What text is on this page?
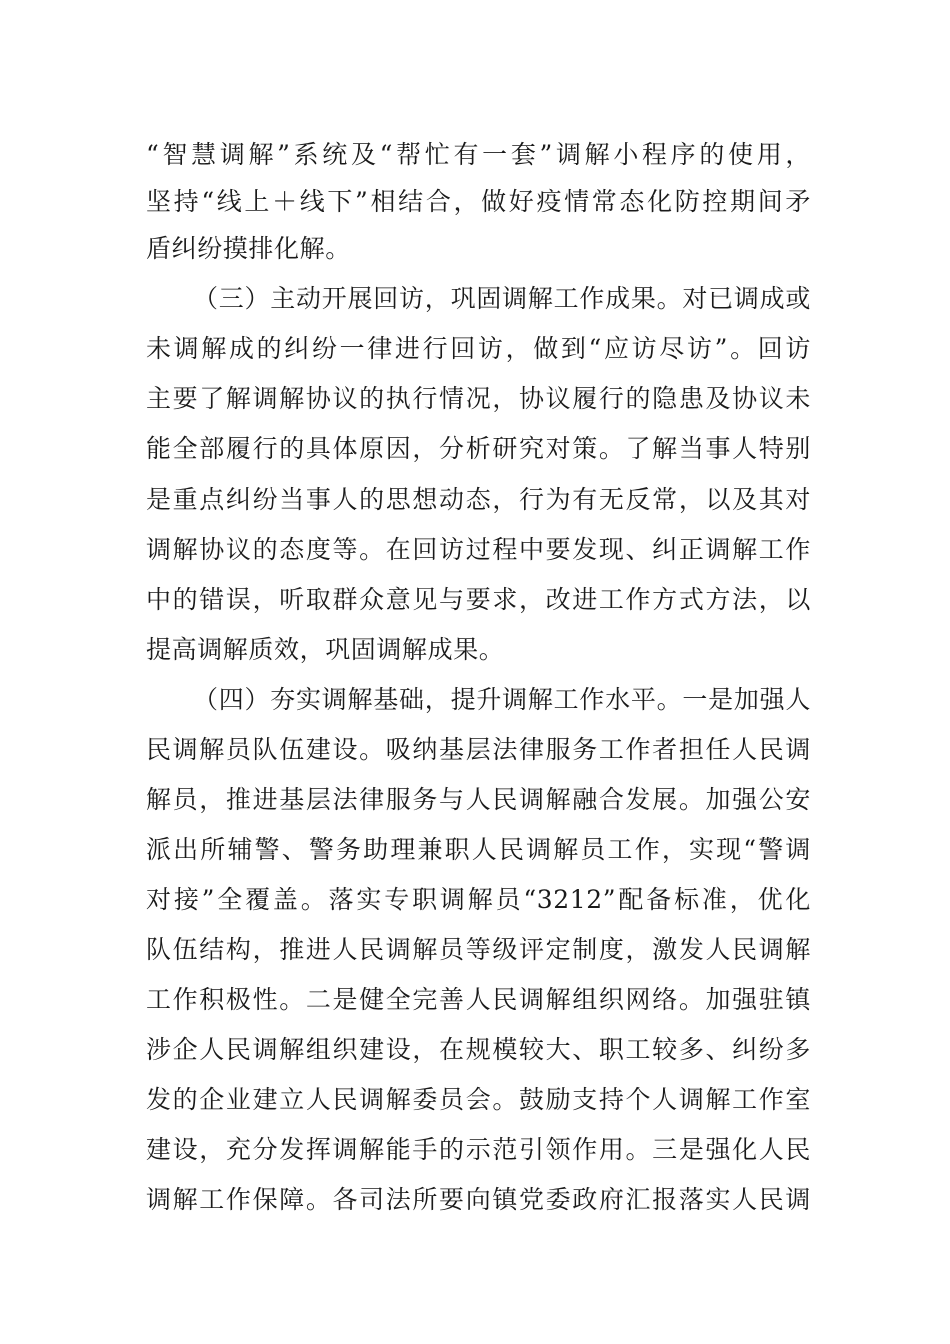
“智慧调解”系统及“帮忙有一套”调解小程序的使用，
坚持“线上＋线下”相结合，做好疫情常态化防控期间矛
盾纠纷摸排化解。
（三）主动开展回访，巩固调解工作成果。对已调成或
未调解成的纠纷一律进行回访，做到“应访尽访”。回访
主要了解调解协议的执行情况，协议履行的隐患及协议未
能全部履行的具体原因，分析研究对策。了解当事人特别
是重点纠纷当事人的思想动态，行为有无反常，以及其对
调解协议的态度等。在回访过程中要发现、纠正调解工作
中的错误，听取群众意见与要求，改进工作方式方法，以
提高调解质效，巩固调解成果。
（四）夯实调解基础，提升调解工作水平。一是加强人
民调解员队伍建设。吸纳基层法律服务工作者担任人民调
解员，推进基层法律服务与人民调解融合发展。加强公安
派出所辅警、警务助理兼职人民调解员工作，实现“警调
对接”全覆盖。落实专职调解员“3212”配备标准，优化
队伍结构，推进人民调解员等级评定制度，激发人民调解
工作积极性。二是健全完善人民调解组织网络。加强驻镇
涉企人民调解组织建设，在规模较大、职工较多、纠纷多
发的企业建立人民调解委员会。鼓励支持个人调解工作室
建设，充分发挥调解能手的示范引领作用。三是强化人民
调解工作保障。各司法所要向镇党委政府汇报落实人民调
